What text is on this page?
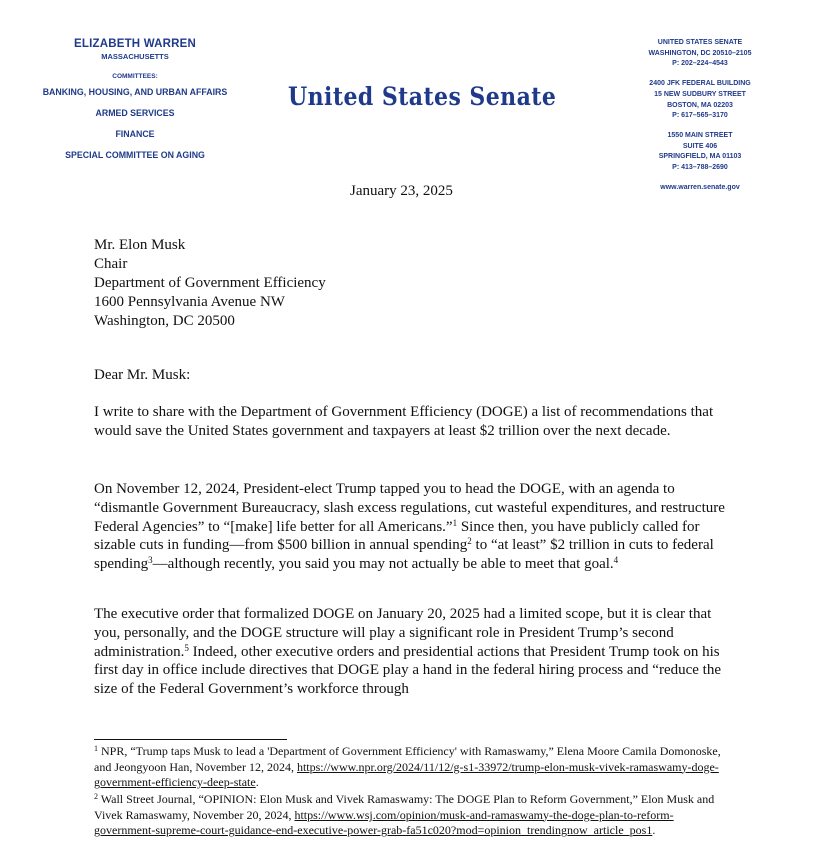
ELIZABETH WARREN
MASSACHUSETTS
COMMITTEES:
BANKING, HOUSING, AND URBAN AFFAIRS
ARMED SERVICES
FINANCE
SPECIAL COMMITTEE ON AGING
United States Senate
UNITED STATES SENATE
WASHINGTON, DC 20510–2105
P: 202–224–4543
2400 JFK FEDERAL BUILDING
15 NEW SUDBURY STREET
BOSTON, MA 02203
P: 617–565–3170
1550 MAIN STREET
SUITE 406
SPRINGFIELD, MA 01103
P: 413–788–2690
www.warren.senate.gov
January 23, 2025
Mr. Elon Musk
Chair
Department of Government Efficiency
1600 Pennsylvania Avenue NW
Washington, DC 20500
Dear Mr. Musk:
I write to share with the Department of Government Efficiency (DOGE) a list of recommendations that would save the United States government and taxpayers at least $2 trillion over the next decade.
On November 12, 2024, President-elect Trump tapped you to head the DOGE, with an agenda to “dismantle Government Bureaucracy, slash excess regulations, cut wasteful expenditures, and restructure Federal Agencies” to “[make] life better for all Americans.”$^1$ Since then, you have publicly called for sizable cuts in funding—from $500 billion in annual spending$^2$ to “at least” $2 trillion in cuts to federal spending$^3$—although recently, you said you may not actually be able to meet that goal.$^4$
The executive order that formalized DOGE on January 20, 2025 had a limited scope, but it is clear that you, personally, and the DOGE structure will play a significant role in President Trump’s second administration.$^5$ Indeed, other executive orders and presidential actions that President Trump took on his first day in office include directives that DOGE play a hand in the federal hiring process and “reduce the size of the Federal Government’s workforce through
$^1$ NPR, “Trump taps Musk to lead a 'Department of Government Efficiency' with Ramaswamy,” Elena Moore Camila Domonoske, and Jeongyoon Han, November 12, 2024, https://www.npr.org/2024/11/12/g-s1-33972/trump-elon-musk-vivek-ramaswamy-doge-government-efficiency-deep-state.
$^2$ Wall Street Journal, “OPINION: Elon Musk and Vivek Ramaswamy: The DOGE Plan to Reform Government,” Elon Musk and Vivek Ramaswamy, November 20, 2024, https://www.wsj.com/opinion/musk-and-ramaswamy-the-doge-plan-to-reform-government-supreme-court-guidance-end-executive-power-grab-fa51c020?mod=opinion_trendingnow_article_pos1.
